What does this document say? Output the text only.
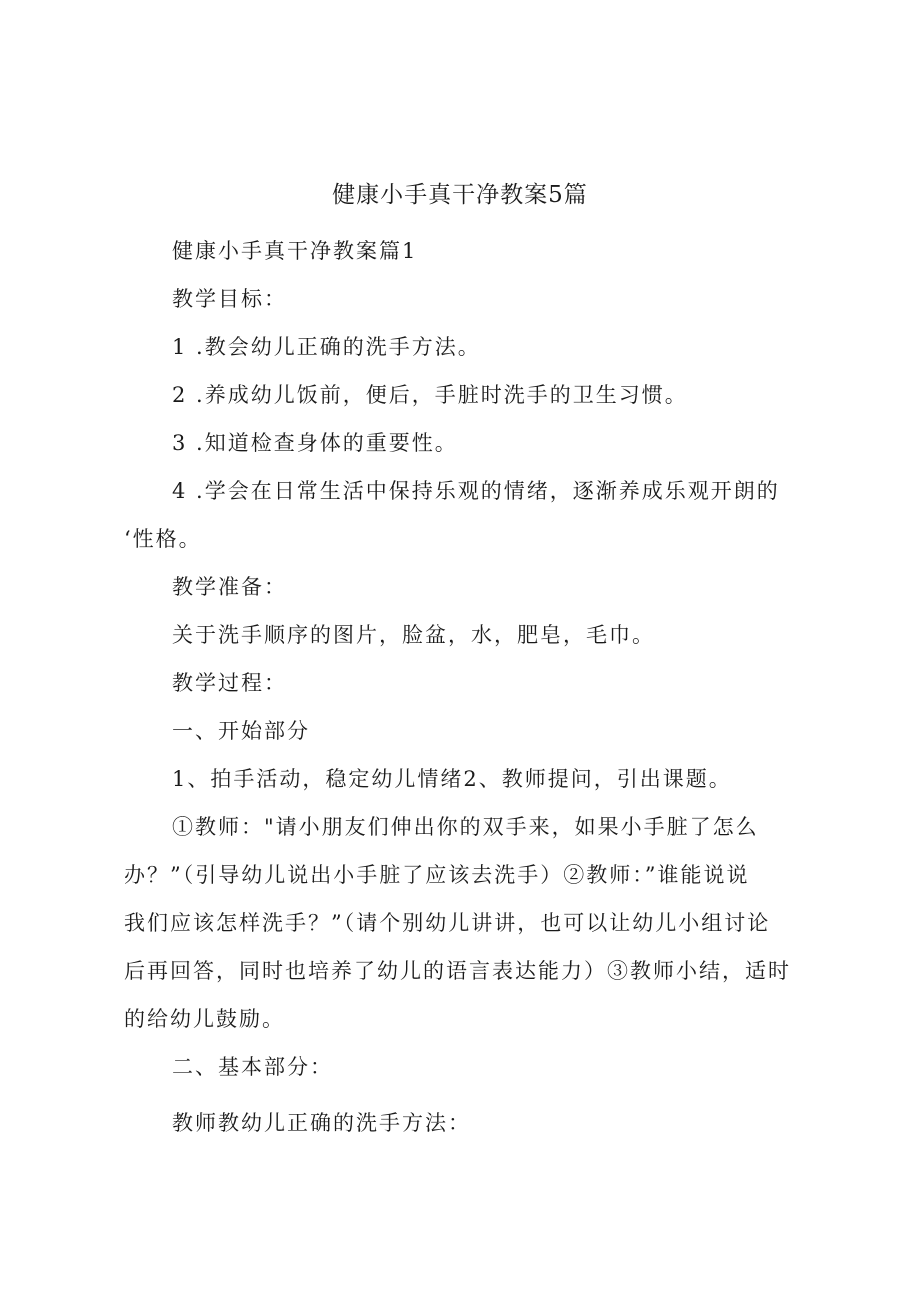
健康小手真干净教案5篇
健康小手真干净教案篇1
教学目标：
1 .教会幼儿正确的洗手方法。
2 .养成幼儿饭前，便后，手脏时洗手的卫生习惯。
3 .知道检查身体的重要性。
4 .学会在日常生活中保持乐观的情绪，逐渐养成乐观开朗的
‘性格。
教学准备：
关于洗手顺序的图片，脸盆，水，肥皂，毛巾。
教学过程：
一、开始部分
1、拍手活动，稳定幼儿情绪2、教师提问，引出课题。
①教师："请小朋友们伸出你的双手来，如果小手脏了怎么
办？”（引导幼儿说出小手脏了应该去洗手）②教师：”谁能说说
我们应该怎样洗手？”（请个别幼儿讲讲，也可以让幼儿小组讨论
后再回答，同时也培养了幼儿的语言表达能力）③教师小结，适时
的给幼儿鼓励。
二、基本部分：
教师教幼儿正确的洗手方法：
